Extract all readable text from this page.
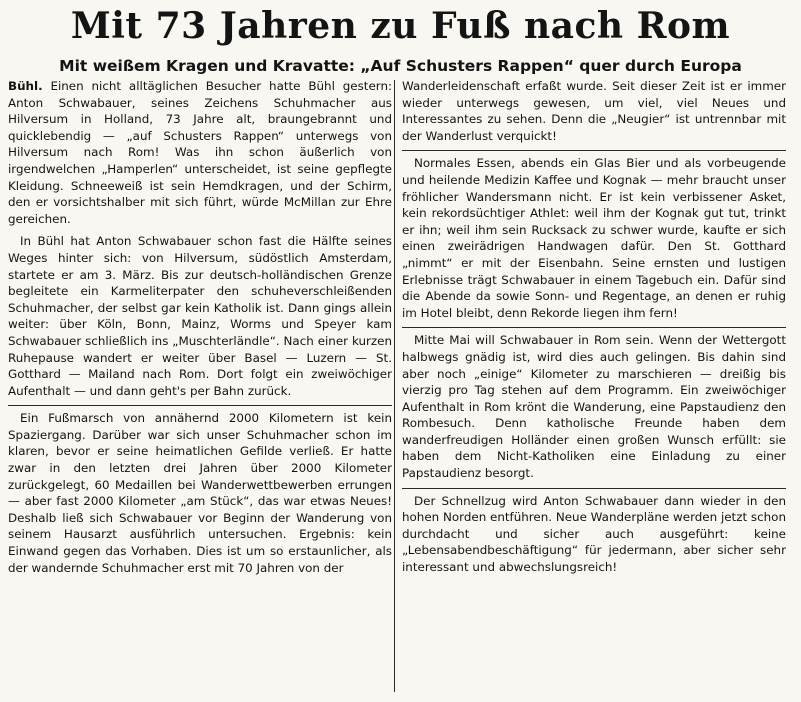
Mit 73 Jahren zu Fuß nach Rom
Mit weißem Kragen und Kravatte: „Auf Schusters Rappen“ quer durch Europa

Bühl. Einen nicht alltäglichen Besucher hatte Bühl gestern: Anton Schwabauer, seines Zeichens Schuhmacher aus Hilversum in Holland, 73 Jahre alt, braungebrannt und quicklebendig — „auf Schusters Rappen“ unterwegs von Hilversum nach Rom! Was ihn schon äußerlich von irgendwelchen „Hamperlen“ unterscheidet, ist seine gepflegte Kleidung. Schneeweiß ist sein Hemdkragen, und der Schirm, den er vorsichtshalber mit sich führt, würde McMillan zur Ehre gereichen.

In Bühl hat Anton Schwabauer schon fast die Hälfte seines Weges hinter sich: von Hilversum, südöstlich Amsterdam, startete er am 3. März. Bis zur deutsch-holländischen Grenze begleitete ein Karmeliterpater den schuheverschleißenden Schuhmacher, der selbst gar kein Katholik ist. Dann gings allein weiter: über Köln, Bonn, Mainz, Worms und Speyer kam Schwabauer schließlich ins „Muschterländle“. Nach einer kurzen Ruhepause wandert er weiter über Basel — Luzern — St. Gotthard — Mailand nach Rom. Dort folgt ein zweiwöchiger Aufenthalt — und dann geht's per Bahn zurück.

Ein Fußmarsch von annähernd 2000 Kilometern ist kein Spaziergang. Darüber war sich unser Schuhmacher schon im klaren, bevor er seine heimatlichen Gefilde verließ. Er hatte zwar in den letzten drei Jahren über 2000 Kilometer zurückgelegt, 60 Medaillen bei Wanderwettbewerben errungen — aber fast 2000 Kilometer „am Stück“, das war etwas Neues! Deshalb ließ sich Schwabauer vor Beginn der Wanderung von seinem Hausarzt ausführlich untersuchen. Ergebnis: kein Einwand gegen das Vorhaben. Dies ist um so erstaunlicher, als der wandernde Schuhmacher erst mit 70 Jahren von der

Wanderleidenschaft erfaßt wurde. Seit dieser Zeit ist er immer wieder unterwegs gewesen, um viel, viel Neues und Interessantes zu sehen. Denn die „Neugier“ ist untrennbar mit der Wanderlust verquickt!

Normales Essen, abends ein Glas Bier und als vorbeugende und heilende Medizin Kaffee und Kognak — mehr braucht unser fröhlicher Wandersmann nicht. Er ist kein verbissener Asket, kein rekordsüchtiger Athlet: weil ihm der Kognak gut tut, trinkt er ihn; weil ihm sein Rucksack zu schwer wurde, kaufte er sich einen zweirädrigen Handwagen dafür. Den St. Gotthard „nimmt“ er mit der Eisenbahn. Seine ernsten und lustigen Erlebnisse trägt Schwabauer in einem Tagebuch ein. Dafür sind die Abende da sowie Sonn- und Regentage, an denen er ruhig im Hotel bleibt, denn Rekorde liegen ihm fern!

Mitte Mai will Schwabauer in Rom sein. Wenn der Wettergott halbwegs gnädig ist, wird dies auch gelingen. Bis dahin sind aber noch „einige“ Kilometer zu marschieren — dreißig bis vierzig pro Tag stehen auf dem Programm. Ein zweiwöchiger Aufenthalt in Rom krönt die Wanderung, eine Papstaudienz den Rombesuch. Denn katholische Freunde haben dem wanderfreudigen Holländer einen großen Wunsch erfüllt: sie haben dem Nicht-Katholiken eine Einladung zu einer Papstaudienz besorgt.

Der Schnellzug wird Anton Schwabauer dann wieder in den hohen Norden entführen. Neue Wanderpläne werden jetzt schon durchdacht und sicher auch ausgeführt: keine „Lebensabendbeschäftigung“ für jedermann, aber sicher sehr interessant und abwechslungsreich!
